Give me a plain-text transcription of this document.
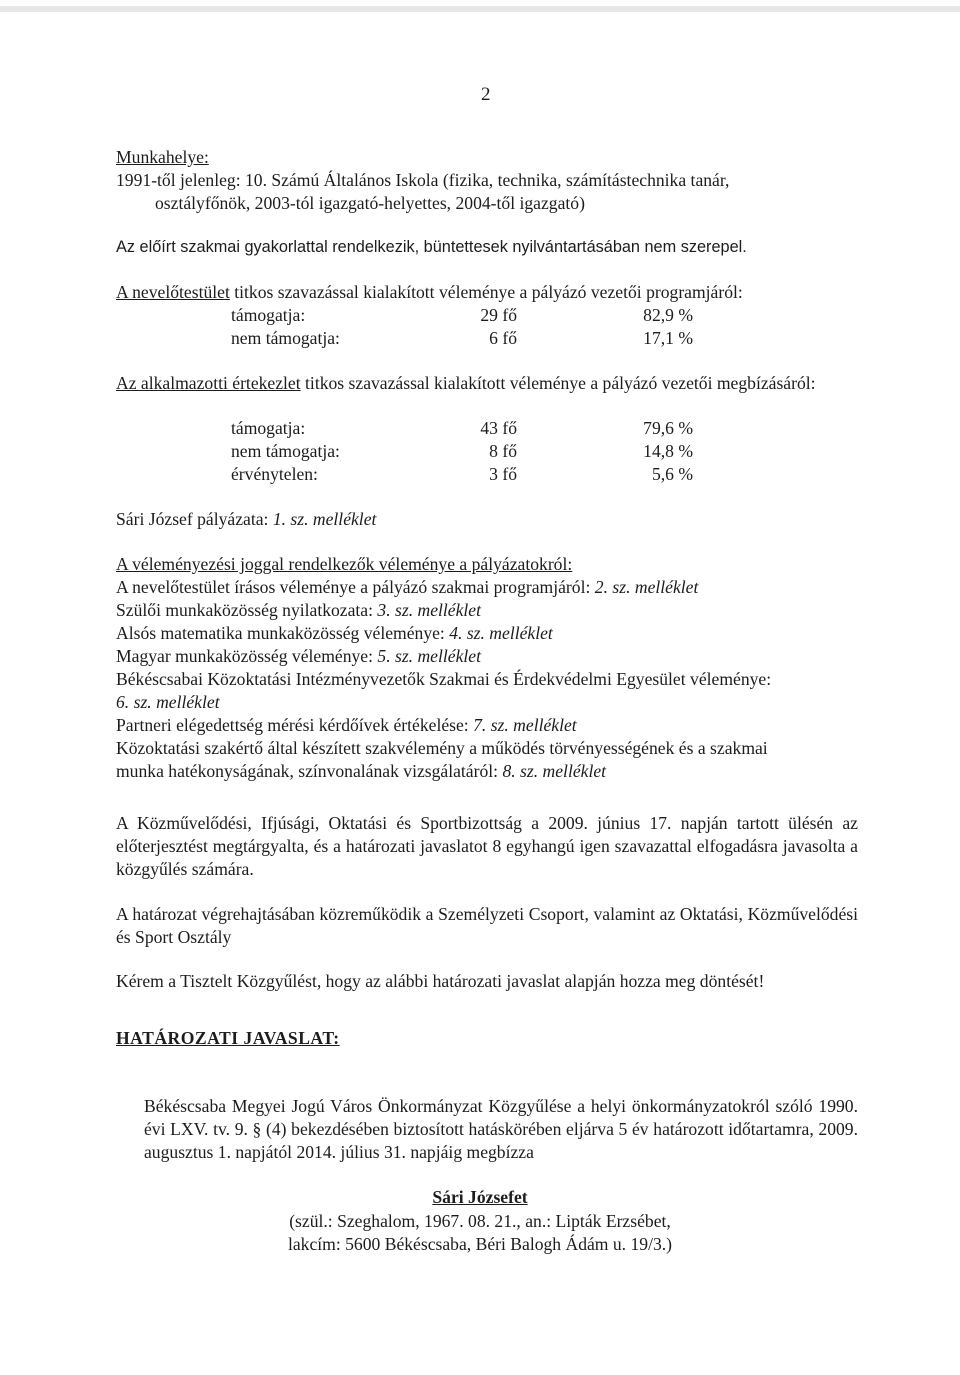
2
Munkahelye:
1991-től jelenleg: 10. Számú Általános Iskola (fizika, technika, számítástechnika tanár,
osztályfőnök, 2003-tól igazgató-helyettes, 2004-től igazgató)
Az előírt szakmai gyakorlattal rendelkezik, büntettesek nyilvántartásában nem szerepel.
A nevelőtestület titkos szavazással kialakított véleménye a pályázó vezetői programjáról:
támogatja:	29 fő	82,9 %
nem támogatja:	6 fő	17,1 %
Az alkalmazotti értekezlet titkos szavazással kialakított véleménye a pályázó vezetői megbízásáról:
támogatja:	43 fő	79,6 %
nem támogatja:	8 fő	14,8 %
érvénytelen:	3 fő	5,6 %
Sári József pályázata: 1. sz. melléklet
A véleményezési joggal rendelkezők véleménye a pályázatokról:
A nevelőtestület írásos véleménye a pályázó szakmai programjáról: 2. sz. melléklet
Szülői munkaközösség nyilatkozata: 3. sz. melléklet
Alsós matematika munkaközösség véleménye: 4. sz. melléklet
Magyar munkaközösség véleménye: 5. sz. melléklet
Békéscsabai Közoktatási Intézményvezetők Szakmai és Érdekvédelmi Egyesület véleménye:
6. sz. melléklet
Partneri elégedettség mérési kérdőívek értékelése: 7. sz. melléklet
Közoktatási szakértő által készített szakvélemény a működés törvényességének és a szakmai
munka hatékonyságának, színvonalának vizsgálatáról: 8. sz. melléklet
A Közművelődési, Ifjúsági, Oktatási és Sportbizottság a 2009. június 17. napján tartott ülésén az előterjesztést megtárgyalta, és a határozati javaslatot 8 egyhangú igen szavazattal elfogadásra javasolta a közgyűlés számára.
A határozat végrehajtásában közreműködik a Személyzeti Csoport, valamint az Oktatási, Közművelődési és Sport Osztály
Kérem a Tisztelt Közgyűlést, hogy az alábbi határozati javaslat alapján hozza meg döntését!
HATÁROZATI JAVASLAT:
Békéscsaba Megyei Jogú Város Önkormányzat Közgyűlése a helyi önkormányzatokról szóló 1990. évi LXV. tv. 9. § (4) bekezdésében biztosított hatáskörében eljárva 5 év határozott időtartamra, 2009. augusztus 1. napjától 2014. július 31. napjáig megbízza
Sári Józsefet
(szül.: Szeghalom, 1967. 08. 21., an.: Lipták Erzsébet,
lakcím: 5600 Békéscsaba, Béri Balogh Ádám u. 19/3.)
